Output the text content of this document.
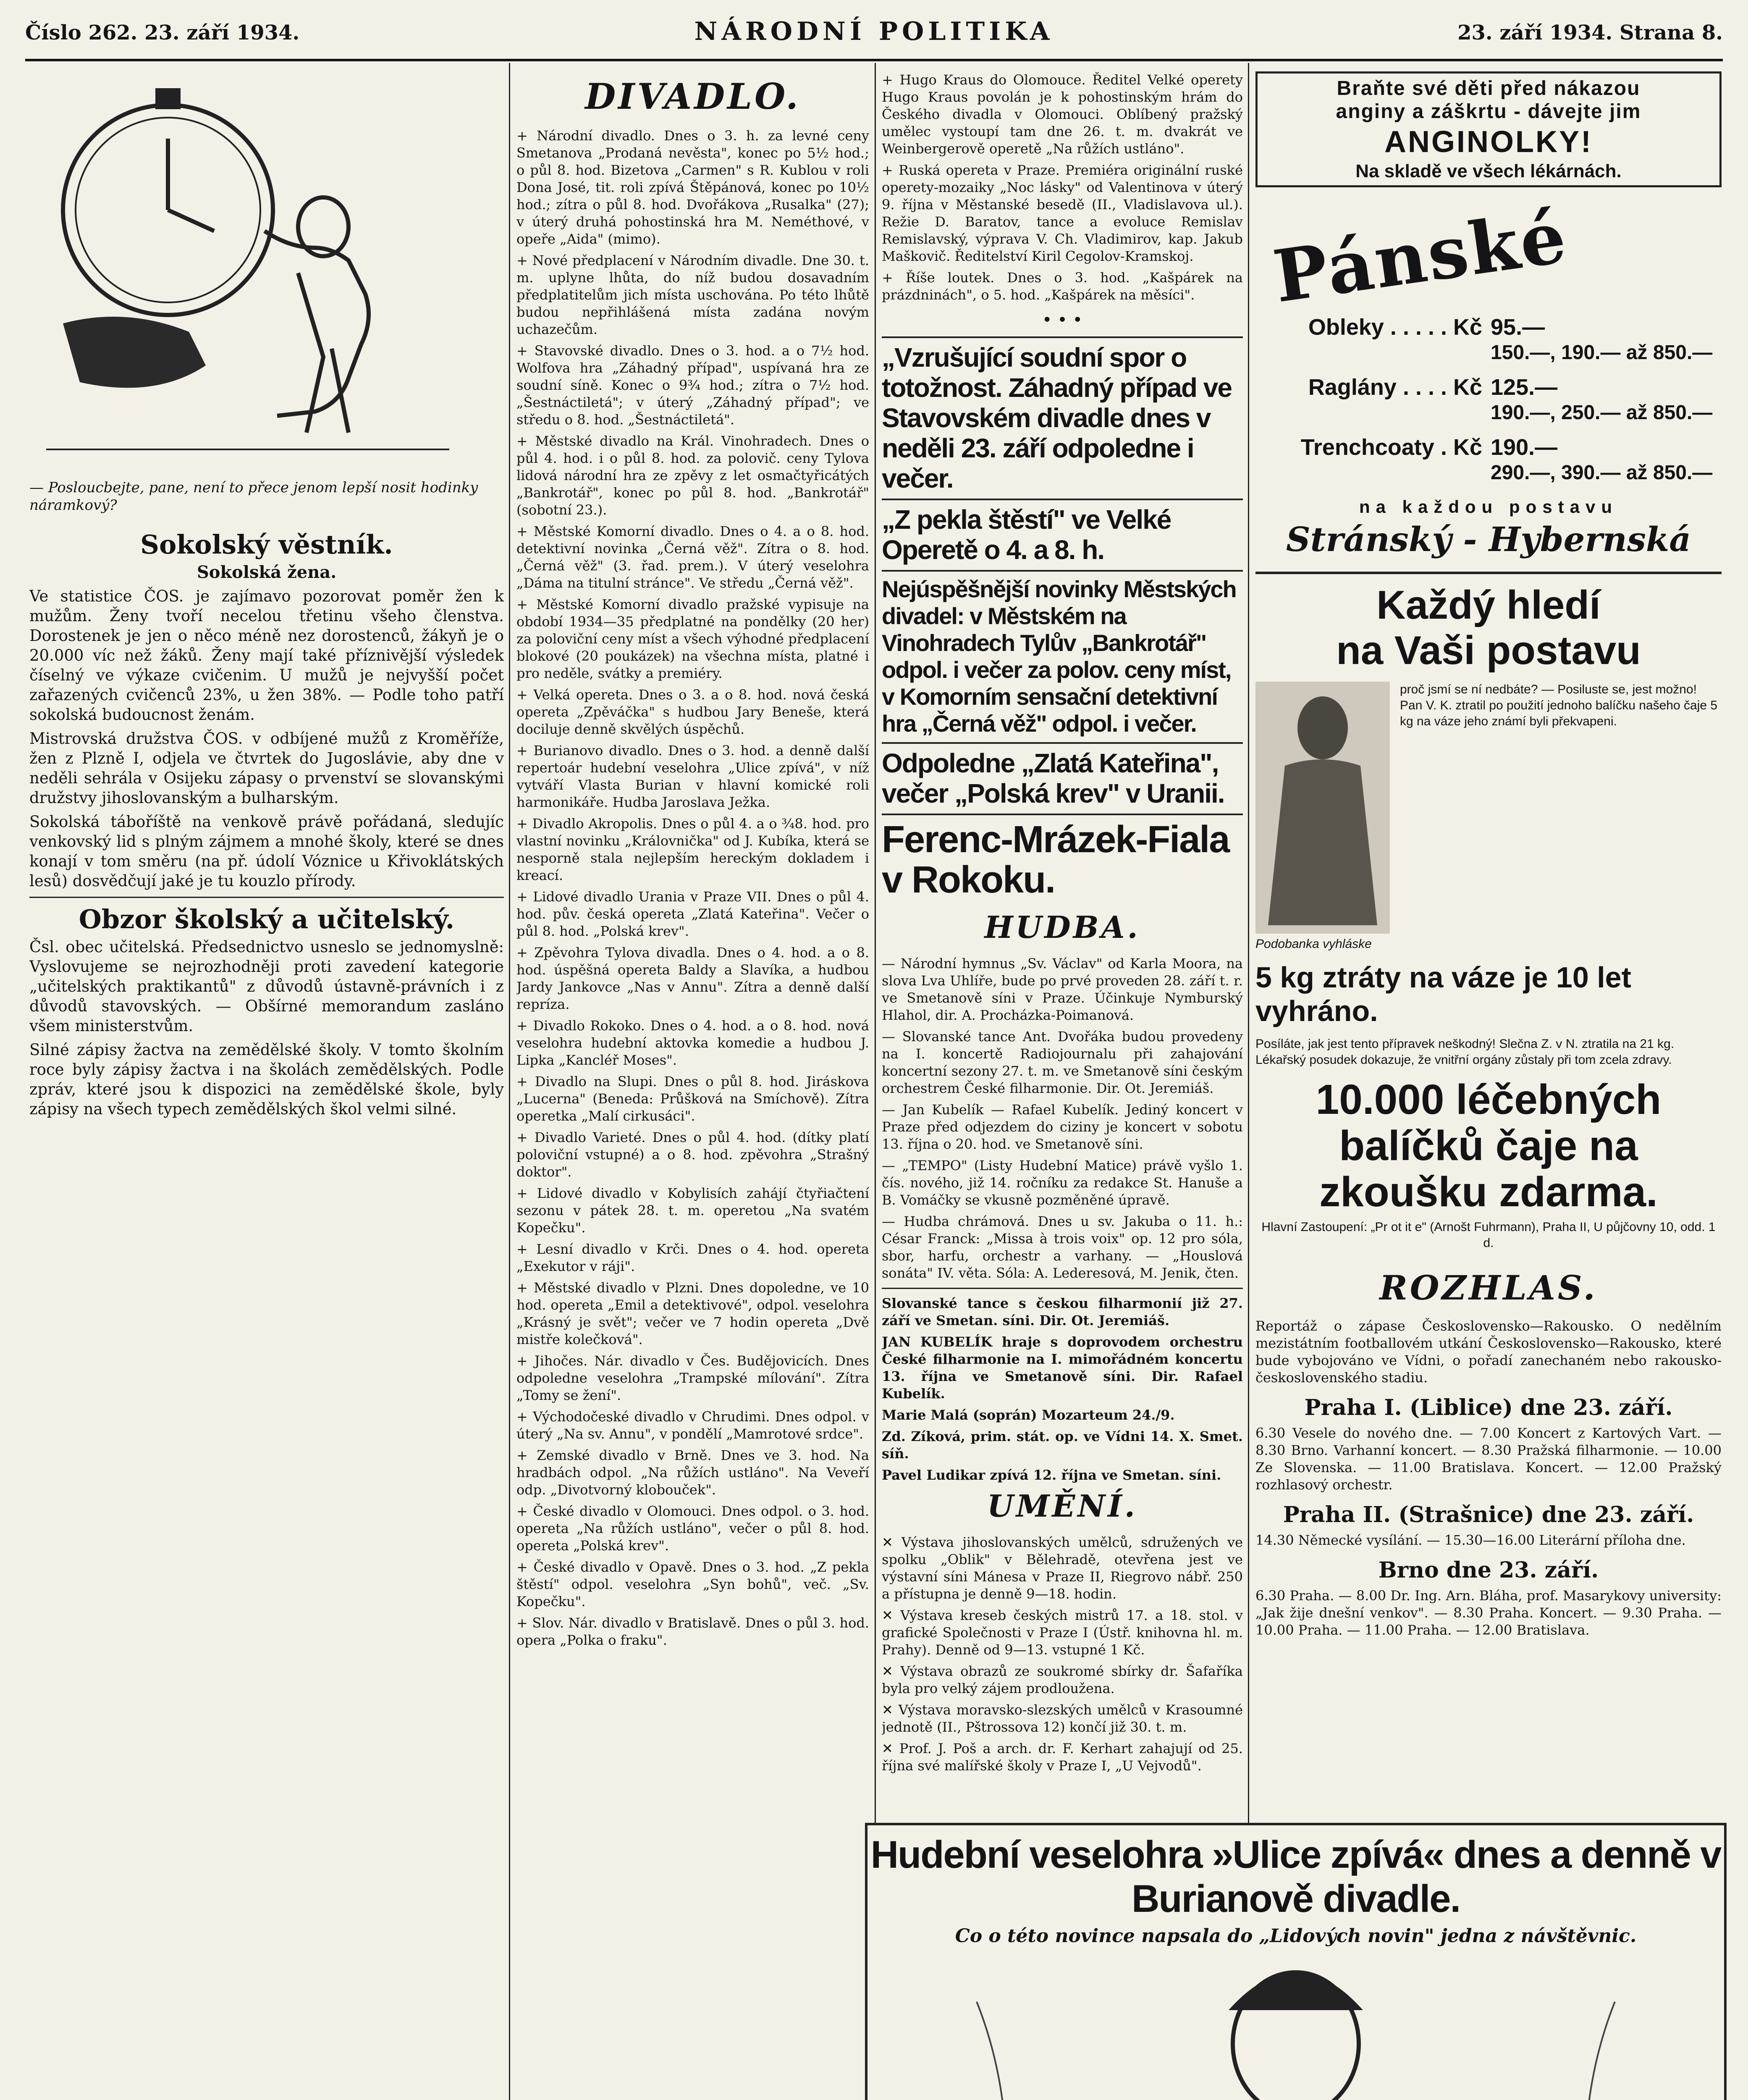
Číslo 262. 23. září 1934.	NÁRODNÍ POLITIKA	23. září 1934. Strana 8.
— Posloucbejte, pane, není to přece jenom lepší nosit hodinky náramkový?
Sokolský věstník.
Sokolská žena.

Ve statistice ČOS. je zajímavo pozorovat poměr žen k mužům. Ženy tvoří necelou třetinu všeho členstva. Dorostenek je jen o něco méně nez dorostenců, žákyň je o 20.000 víc než žáků. Ženy mají také příznivější výsledek číselný ve výkaze cvičenim. U mužů je nejvyšší počet zařazených cvičenců 23%, u žen 38%. — Podle toho patří sokolská budoucnost ženám.

Mistrovská družstva ČOS. v odbíjené mužů z Kroměříže, žen z Plzně I, odjela ve čtvrtek do Jugoslávie, aby dne v neděli sehrála v Osijeku zápasy o prvenství se slovanskými družstvy jihoslovanským a bulharským.

Sokolská táboříště na venkově právě pořádaná, sledujíc venkovský lid s plným zájmem a mnohé školy, které se dnes konají v tom směru (na př. údolí Vóznice u Křivoklátských lesů) dosvědčují jaké je tu kouzlo přírody.

Obzor školský a učitelský.

Čsl. obec učitelská. Předsednictvo usneslo se jednomyslně: Vyslovujeme se nejrozhodněji proti zavedení kategorie „učitelských praktikantů" z důvodů ústavně-právních i z důvodů stavovských. — Obšírné memorandum zasláno všem ministerstvům.

Silné zápisy žactva na zemědělské školy. V tomto školním roce byly zápisy žactva i na školách zemědělských. Podle zpráv, které jsou k dispozici na zemědělské škole, byly zápisy na všech typech zemědělských škol velmi silné.

DIVADLO.

+ Národní divadlo. Dnes o 3. h. za levné ceny Smetanova „Prodaná nevěsta", konec po 5½ hod.; o půl 8. hod. Bizetova „Carmen" s R. Kublou v roli Dona José, tit. roli zpívá Štěpánová, konec po 10½ hod.; zítra o půl 8. hod. Dvořákova „Rusalka" (27); v úterý druhá pohostinská hra M. Neméthové, v opeře „Aida" (mimo).

+ Nové předplacení v Národním divadle. Dne 30. t. m. uplyne lhůta, do níž budou dosavadním předplatitelům jich místa uschována. Po této lhůtě budou nepřihlášená místa zadána novým uchazečům.

+ Stavovské divadlo. Dnes o 3. hod. a o 7½ hod. Wolfova hra „Záhadný případ", uspívaná hra ze soudní síně. Konec o 9¾ hod.; zítra o 7½ hod. „Šestnáctiletá"; v úterý „Záhadný případ"; ve středu o 8. hod. „Šestnáctiletá".

+ Městské divadlo na Král. Vinohradech. Dnes o půl 4. hod. i o půl 8. hod. za polovič. ceny Tylova lidová národní hra ze zpěvy z let osmačtyřicátých „Bankrotář", konec po půl 8. hod. „Bankrotář" (sobotní 23.).

+ Městské Komorní divadlo. Dnes o 4. a o 8. hod. detektivní novinka „Černá věž". Zítra o 8. hod. „Černá věž" (3. řad. prem.). V úterý veselohra „Dáma na titulní stránce". Ve středu „Černá věž".

+ Městské Komorní divadlo pražské vypisuje na období 1934—35 předplatné na pondělky (20 her) za poloviční ceny míst a všech výhodné předplacení blokové (20 poukázek) na všechna místa, platné i pro neděle, svátky a premiéry.

+ Velká opereta. Dnes o 3. a o 8. hod. nová česká opereta „Zpěváčka" s hudbou Jary Beneše, která dociluje denně skvělých úspěchů.

+ Burianovo divadlo. Dnes o 3. hod. a denně další repertoár hudební veselohra „Ulice zpívá", v níž vytváří Vlasta Burian v hlavní komické roli harmonikáře. Hudba Jaroslava Ježka.

+ Divadlo Akropolis. Dnes o půl 4. a o ¾8. hod. pro vlastní novinku „Královnička" od J. Kubíka, která se nesporně stala nejlepším hereckým dokladem i kreací.

+ Lidové divadlo Urania v Praze VII. Dnes o půl 4. hod. pův. česká opereta „Zlatá Kateřina". Večer o půl 8. hod. „Polská krev".

+ Zpěvohra Tylova divadla. Dnes o 4. hod. a o 8. hod. úspěšná opereta Baldy a Slavíka, a hudbou Jardy Jankovce „Nas v Annu". Zítra a denně další repríza.

+ Divadlo Rokoko. Dnes o 4. hod. a o 8. hod. nová veselohra hudební aktovka komedie a hudbou J. Lipka „Kancléř Moses".

+ Divadlo na Slupi. Dnes o půl 8. hod. Jiráskova „Lucerna" (Beneda: Průšková na Smíchově). Zítra operetka „Malí cirkusáci".

+ Divadlo Varieté. Dnes o půl 4. hod. (dítky platí poloviční vstupné) a o 8. hod. zpěvohra „Strašný doktor".

+ Lidové divadlo v Kobylisích zahájí čtyřiačtení sezonu v pátek 28. t. m. operetou „Na svatém Kopečku".

+ Lesní divadlo v Krči. Dnes o 4. hod. opereta „Exekutor v ráji".

+ Městské divadlo v Plzni. Dnes dopoledne, ve 10 hod. opereta „Emil a detektivové", odpol. veselohra „Krásný je svět"; večer ve 7 hodin opereta „Dvě mistře kolečková".

+ Jihočes. Nár. divadlo v Čes. Budějovicích. Dnes odpoledne veselohra „Trampské mílování". Zítra „Tomy se žení".

+ Východočeské divadlo v Chrudimi. Dnes odpol. v úterý „Na sv. Annu", v pondělí „Mamrotové srdce".

+ Zemské divadlo v Brně. Dnes ve 3. hod. Na hradbách odpol. „Na růžích ustláno". Na Veveří odp. „Divotvorný klobouček".

+ České divadlo v Olomouci. Dnes odpol. o 3. hod. opereta „Na růžích ustláno", večer o půl 8. hod. opereta „Polská krev".

+ České divadlo v Opavě. Dnes o 3. hod. „Z pekla štěstí" odpol. veselohra „Syn bohů", več. „Sv. Kopečku".

+ Slov. Nár. divadlo v Bratislavě. Dnes o půl 3. hod. opera „Polka o fraku".

+ Hugo Kraus do Olomouce. Ředitel Velké operety Hugo Kraus povolán je k pohostinským hrám do Českého divadla v Olomouci. Oblíbený pražský umělec vystoupí tam dne 26. t. m. dvakrát ve Weinbergerově operetě „Na růžích ustláno".

+ Ruská opereta v Praze. Premiéra originální ruské operety-mozaiky „Noc lásky" od Valentinova v úterý 9. října v Městanské besedě (II., Vladislavova ul.). Režie D. Baratov, tance a evoluce Remislav Remislavský, výprava V. Ch. Vladimirov, kap. Jakub Maškovič. Ředitelství Kiril Cegolov-Kramskoj.

+ Říše loutek. Dnes o 3. hod. „Kašpárek na prázdninách", o 5. hod. „Kašpárek na měsíci".

• • •
„Vzrušující soudní spor o totožnost. Záhadný případ ve Stavovském divadle dnes v neděli 23. září odpoledne i večer.
„Z pekla štěstí" ve Velké Operetě o 4. a 8. h.
Nejúspěšnější novinky Městských divadel: v Městském na Vinohradech Tylův „Bankrotář" odpol. i večer za polov. ceny míst, v Komorním sensační detektivní hra „Černá věž" odpol. i večer.
Odpoledne „Zlatá Kateřina", večer „Polská krev" v Uranii.
Ferenc-Mrázek-Fiala v Rokoku.
HUDBA.

— Národní hymnus „Sv. Václav" od Karla Moora, na slova Lva Uhlíře, bude po prvé proveden 28. září t. r. ve Smetanově síni v Praze. Účinkuje Nymburský Hlahol, dir. A. Procházka-Poimanová.

— Slovanské tance Ant. Dvořáka budou provedeny na I. koncertě Radiojournalu při zahajování koncertní sezony 27. t. m. ve Smetanově síni českým orchestrem České filharmonie. Dir. Ot. Jeremiáš.

— Jan Kubelík — Rafael Kubelík. Jediný koncert v Praze před odjezdem do ciziny je koncert v sobotu 13. října o 20. hod. ve Smetanově síni.

— „TEMPO" (Listy Hudební Matice) právě vyšlo 1. čís. nového, již 14. ročníku za redakce St. Hanuše a B. Vomáčky se vkusně pozměněné úpravě.

— Hudba chrámová. Dnes u sv. Jakuba o 11. h.: César Franck: „Missa à trois voix" op. 12 pro sóla, sbor, harfu, orchestr a varhany. — „Houslová sonáta" IV. věta. Sóla: A. Lederesová, M. Jenik, čten.

Slovanské tance s českou filharmonií již 27. září ve Smetan. síni. Dir. Ot. Jeremiáš.

JAN KUBELÍK hraje s doprovodem orchestru České filharmonie na I. mimořádném koncertu 13. října ve Smetanově síni. Dir. Rafael Kubelík.

Marie Malá (soprán) Mozarteum 24./9.

Zd. Zíková, prim. stát. op. ve Vídni 14. X. Smet. síň.

Pavel Ludikar zpívá 12. října ve Smetan. síni.

UMĚNÍ.

✕ Výstava jihoslovanských umělců, sdružených ve spolku „Oblik" v Bělehradě, otevřena jest ve výstavní síni Mánesa v Praze II, Riegrovo nábř. 250 a přístupna je denně 9—18. hodin.

✕ Výstava kreseb českých mistrů 17. a 18. stol. v grafické Společnosti v Praze I (Ústř. knihovna hl. m. Prahy). Denně od 9—13. vstupné 1 Kč.

✕ Výstava obrazů ze soukromé sbírky dr. Šafaříka byla pro velký zájem prodloužena.

✕ Výstava moravsko-slezských umělců v Krasoumné jednotě (II., Pštrossova 12) končí již 30. t. m.

✕ Prof. J. Poš a arch. dr. F. Kerhart zahajují od 25. října své malířské školy v Praze I, „U Vejvodů".

Braňte své děti před nákazou
anginy a záškrtu - dávejte jim
ANGINOLKY!
Na skladě ve všech lékárnách.
Pánské
Obleky . . . . . Kč 95.—
150.—, 190.— až 850.—
Raglány . . . . Kč 125.—
190.—, 250.— až 850.—
Trenchcoaty . Kč 190.—
290.—, 390.— až 850.—
na každou postavu
Stránský - Hybernská
Každý hledí
na Vaši postavu
proč jsmí se ní nedbáte? — Posiluste se, jest možno! Pan V. K. ztratil po použití jednoho balíčku našeho čaje 5 kg na váze jeho známí byli překvapeni.
Podobanka vyhláske
5 kg ztráty na váze je 10 let vyhráno.
Posíláte, jak jest tento přípravek neškodný! Slečna Z. v N. ztratila na 21 kg. Lékařský posudek dokazuje, že vnitřní orgány zůstaly při tom zcela zdravy.
10.000 léčebných balíčků čaje na zkoušku zdarma.
Hlavní Zastoupení: „Pr ot it e" (Arnošt Fuhrmann), Praha II, U půjčovny 10, odd. 1 d.
ROZHLAS.

Reportáž o zápase Československo—Rakousko. O nedělním mezistátním footballovém utkání Československo—Rakousko, které bude vybojováno ve Vídni, o pořadí zanechaném nebo rakousko-československého stadiu.

Praha I. (Liblice) dne 23. září.

6.30 Vesele do nového dne. — 7.00 Koncert z Kartových Vart. — 8.30 Brno. Varhanní koncert. — 8.30 Pražská filharmonie. — 10.00 Ze Slovenska. — 11.00 Bratislava. Koncert. — 12.00 Pražský rozhlasový orchestr.

Praha II. (Strašnice) dne 23. září.

14.30 Německé vysílání. — 15.30—16.00 Literární příloha dne.

Brno dne 23. září.

6.30 Praha. — 8.00 Dr. Ing. Arn. Bláha, prof. Masarykovy university: „Jak žije dnešní venkov". — 8.30 Praha. Koncert. — 9.30 Praha. — 10.00 Praha. — 11.00 Praha. — 12.00 Bratislava.

Hudební veselohra »Ulice zpívá« dnes a denně v Burianově divadle.
Co o této novince napsala do „Lidových novin" jedna z návštěvnic.
